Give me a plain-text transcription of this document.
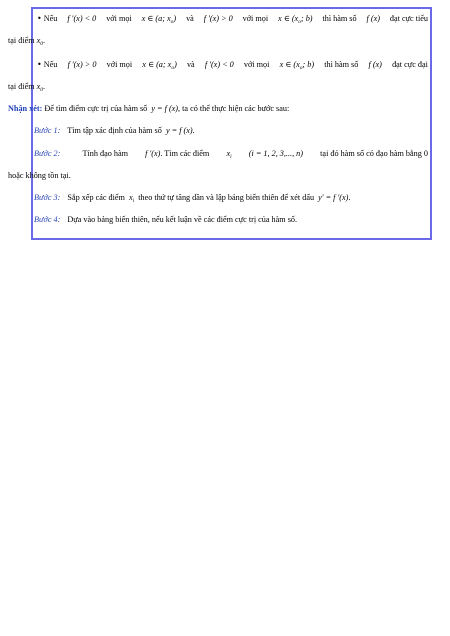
• Nếu f ′(x) < 0 với mọi x ∈ (a; $x_o$) và f ′(x) > 0 với mọi x ∈ ($x_o$; b) thì hàm số f (x) đạt cực tiểu
tại điểm $x_0$.
• Nếu f ′(x) > 0 với mọi x ∈ (a; $x_o$) và f ′(x) < 0 với mọi x ∈ ($x_o$; b) thì hàm số f (x) đạt cực đại
tại điểm $x_0$.
Nhận xét: Để tìm điểm cực trị của hàm số y = f (x), ta có thể thực hiện các bước sau:
Bước 1: Tìm tập xác định của hàm số y = f (x).
Bước 2:	Tính đạo hàm f ′(x). Tìm các điểm $x_i$ (i = 1, 2, 3,..., n) tại đó hàm số có đạo hàm bằng 0
hoặc không tồn tại.
Bước 3: Sắp xếp các điểm $x_i$ theo thứ tự tăng dần và lập bảng biến thiên để xét dấu y′ = f ′(x).
Bước 4: Dựa vào bảng biến thiên, nếu kết luận về các điểm cực trị của hàm số.
